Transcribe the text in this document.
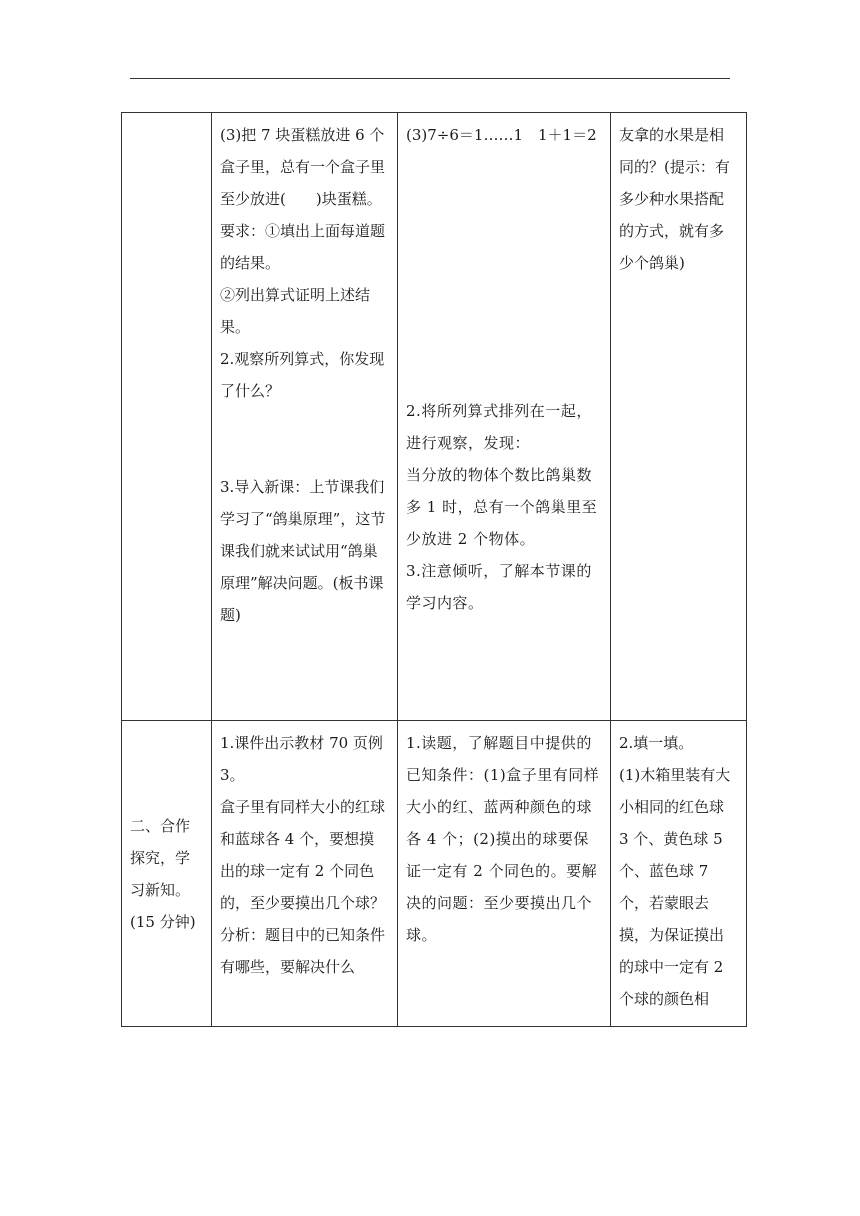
	(3)把 7 块蛋糕放进 6 个盒子里，总有一个盒子里至少放进(　　)块蛋糕。
要求：①填出上面每道题的结果。
②列出算式证明上述结果。
2.观察所列算式，你发现了什么？
3.导入新课：上节课我们学习了“鸽巢原理”，这节课我们就来试试用“鸽巢原理”解决问题。(板书课题)	(3)7÷6＝1……1　1＋1＝2
2.将所列算式排列在一起，进行观察，发现：
当分放的物体个数比鸽巢数多 1 时，总有一个鸽巢里至少放进 2 个物体。
3.注意倾听，了解本节课的学习内容。	友拿的水果是相同的？(提示：有多少种水果搭配的方式，就有多少个鸽巢)

二、合作探究，学习新知。(15 分钟)	1.课件出示教材 70 页例 3。
盒子里有同样大小的红球和蓝球各 4 个，要想摸出的球一定有 2 个同色的，至少要摸出几个球？
分析：题目中的已知条件有哪些，要解决什么	1.读题，了解题目中提供的已知条件：(1)盒子里有同样大小的红、蓝两种颜色的球各 4 个；(2)摸出的球要保证一定有 2 个同色的。要解决的问题：至少要摸出几个球。	2.填一填。
(1)木箱里装有大小相同的红色球 3 个、黄色球 5 个、蓝色球 7 个，若蒙眼去摸，为保证摸出的球中一定有 2 个球的颜色相
